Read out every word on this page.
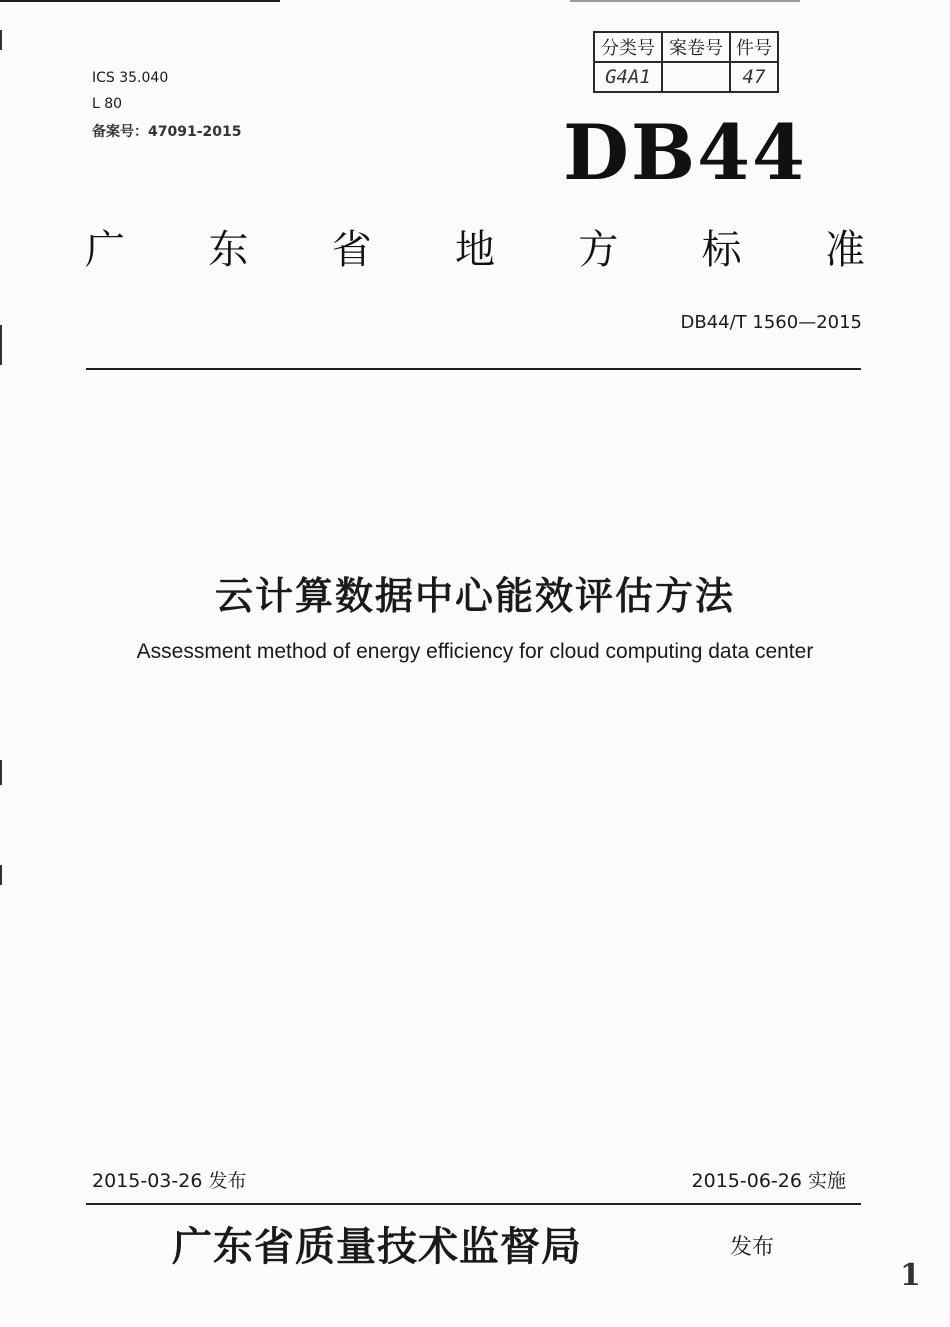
ICS 35.040
L 80
备案号：47091-2015
分类号	案卷号	件号
G4A1		47
DB44
广 东 省 地 方 标 准
DB44/T 1560—2015
云计算数据中心能效评估方法
Assessment method of energy efficiency for cloud computing data center
2015-03-26 发布	2015-06-26 实施
广东省质量技术监督局	发布
1
